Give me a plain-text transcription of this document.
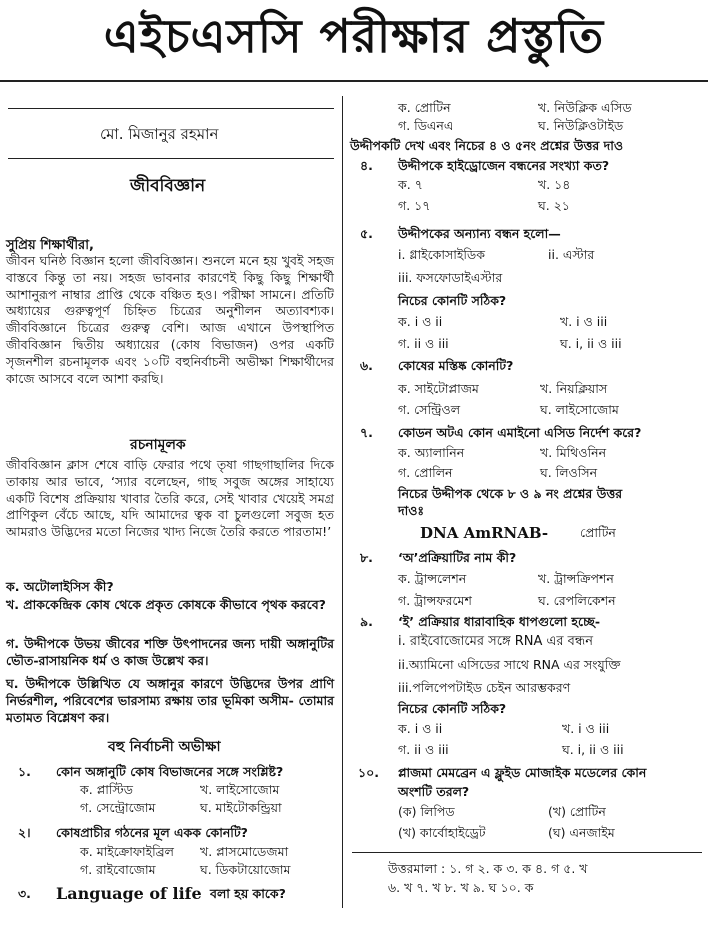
এইচএসসি পরীক্ষার প্রস্তুতি
মো. মিজানুর রহমান
জীববিজ্ঞান
সুপ্রিয় শিক্ষার্থীরা,
জীবন ঘনিষ্ঠ বিজ্ঞান হলো জীববিজ্ঞান। শুনলে মনে হয় খুবই সহজ বাস্তবে কিন্তু তা নয়। সহজ ভাবনার কারণেই কিছু কিছু শিক্ষার্থী আশানুরূপ নাম্বার প্রাপ্তি থেকে বঞ্চিত হও। পরীক্ষা সামনে। প্রতিটি অধ্যায়ের গুরুত্বপূর্ণ চিহ্নিত চিত্রের অনুশীলন অত্যাবশ্যক। জীববিজ্ঞানে চিত্রের গুরুত্ব বেশি। আজ এখানে উপস্থাপিত জীববিজ্ঞান দ্বিতীয় অধ্যায়ের (কোষ বিভাজন) ওপর একটি সৃজনশীল রচনামূলক এবং ১০টি বহুনির্বাচনী অভীক্ষা শিক্ষার্থীদের কাজে আসবে বলে আশা করছি।
রচনামূলক
জীববিজ্ঞান ক্লাস শেষে বাড়ি ফেরার পথে তৃষা গাছগাছালির দিকে তাকায় আর ভাবে, ‘স্যার বলেছেন, গাছ সবুজ অঙ্গের সাহায্যে একটি বিশেষ প্রক্রিয়ায় খাবার তৈরি করে, সেই খাবার খেয়েই সমগ্র প্রাণিকুল বেঁচে আছে, যদি আমাদের ত্বক বা চুলগুলো সবুজ হত আমরাও উদ্ভিদের মতো নিজের খাদ্য নিজে তৈরি করতে পারতাম!’
ক. অটোলাইসিস কী?
খ. প্রাককেন্দ্রিক কোষ থেকে প্রকৃত কোষকে কীভাবে পৃথক করবে?
গ. উদ্দীপকে উভয় জীবের শক্তি উৎপাদনের জন্য দায়ী অঙ্গানুটির ভৌত-রাসায়নিক ধর্ম ও কাজ উল্লেখ কর।
ঘ. উদ্দীপকে উল্লিখিত যে অঙ্গানুর কারণে উদ্ভিদের উপর প্রাণি নির্ভরশীল, পরিবেশের ভারসাম্য রক্ষায় তার ভূমিকা অসীম- তোমার মতামত বিশ্লেষণ কর।
বহু নির্বাচনী অভীক্ষা
১. কোন অঙ্গানুটি কোষ বিভাজনের সঙ্গে সংশ্লিষ্ট?
ক. প্লাস্টিড	খ. লাইসোজোম
গ. সেন্ট্রোজোম	ঘ. মাইটোকন্ড্রিয়া
২। কোষপ্রাচীর গঠনের মূল একক কোনটি?
ক. মাইক্রোফাইব্রিল খ. প্লাসমোডেজমা
গ. রাইবোজোম	ঘ. ডিকটায়োজোম
৩. Language of life বলা হয় কাকে?
ক. প্রোটিন	খ. নিউক্লিক এসিড
গ. ডিএনএ	ঘ. নিউক্লিওটাইড
উদ্দীপকটি দেখ এবং নিচের ৪ ও ৫নং প্রশ্নের উত্তর দাও
৪. উদ্দীপকে হাইড্রোজেন বন্ধনের সংখ্যা কত?
ক. ৭	খ. ১৪
গ. ১৭	ঘ. ২১
৫. উদ্দীপকের অন্যান্য বন্ধন হলো—
i. গ্লাইকোসাইডিক	ii. এস্টার
iii. ফসফোডাইএস্টার
নিচের কোনটি সঠিক?
ক. i ও ii	খ. i ও iii
গ. ii ও iii	ঘ. i, ii ও iii
৬. কোষের মস্তিষ্ক কোনটি?
ক. সাইটোপ্লাজম	খ. নিয়ক্লিয়াস
গ. সেন্ট্রিওল	ঘ. লাইসোজোম
৭. কোডন অটএ কোন এমাইনো এসিড নির্দেশ করে?
ক. অ্যালানিন	খ. মিথিওনিন
গ. প্রোলিন	ঘ. লিওসিন
নিচের উদ্দীপক থেকে ৮ ও ৯ নং প্রশ্নের উত্তর
দাওঃ
DNA AmRNAB-	প্রোটিন
৮. ‘অ’প্রক্রিয়াটির নাম কী?
ক. ট্রান্সলেশন	খ. ট্রান্সক্রিপশন
গ. ট্রান্সফরমেশ	ঘ. রেপলিকেশন
৯. ‘ই’ প্রক্রিয়ার ধারাবাহিক ধাপগুলো হচ্ছে-
i. রাইবোজোমের সঙ্গে RNA এর বন্ধন
ii.অ্যামিনো এসিডের সাথে RNA এর সংযুক্তি
iii.পলিপেপটাইড চেইন আরম্ভকরণ
নিচের কোনটি সঠিক?
ক. i ও ii	খ. i ও iii
গ. ii ও iii	ঘ. i, ii ও iii
১০. প্লাজমা মেমব্রেন এ ফ্লুইড মোজাইক মডেলের কোন
অংশটি তরল?
(ক) লিপিড	(খ) প্রোটিন
(খ) কার্বোহাইড্রেট	(ঘ) এনজাইম
উত্তরমালা : ১. গ ২. ক ৩. ক ৪. গ ৫. খ
৬. খ ৭. খ ৮. খ ৯. ঘ ১০. ক
